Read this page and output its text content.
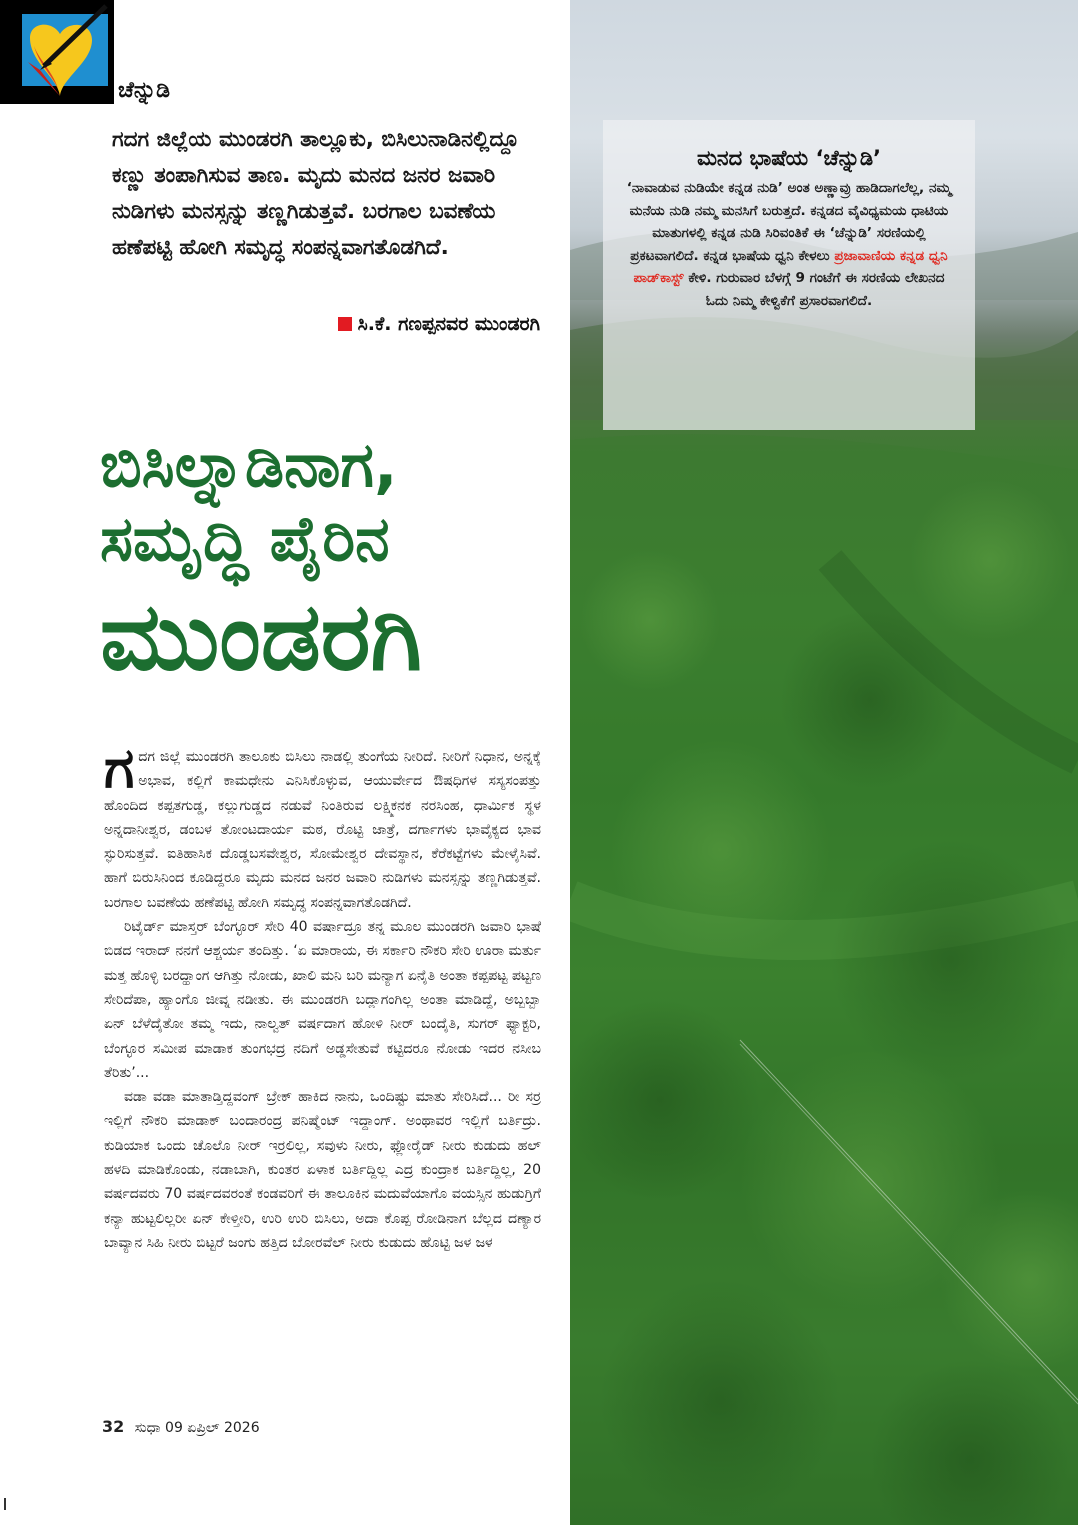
ಚೆನ್ನುಡಿ

ಗದಗ ಜಿಲ್ಲೆಯ ಮುಂಡರಗಿ ತಾಲ್ಲೂಕು, ಬಿಸಿಲುನಾಡಿನಲ್ಲಿದ್ದೂ ಕಣ್ಣು ತಂಪಾಗಿಸುವ ತಾಣ. ಮೃದು ಮನದ ಜನರ ಜವಾರಿ ನುಡಿಗಳು ಮನಸ್ಸನ್ನು ತಣ್ಣಗಿಡುತ್ತವೆ. ಬರಗಾಲ ಬವಣೆಯ ಹಣೆಪಟ್ಟಿ ಹೋಗಿ ಸಮೃದ್ಧ ಸಂಪನ್ನವಾಗತೊಡಗಿದೆ.

ಸಿ.ಕೆ. ಗಣಪ್ಪನವರ ಮುಂಡರಗಿ
ಬಿಸಿಲ್ನಾಡಿನಾಗ,
ಸಮೃದ್ಧಿ ಪೈರಿನ
ಮುಂಡರಗಿ

ಗದಗ ಜಿಲ್ಲೆ ಮುಂಡರಗಿ ತಾಲೂಕು ಬಿಸಿಲು ನಾಡಲ್ಲಿ ತುಂಗೆಯ ನೀರಿದೆ. ನೀರಿಗೆ ನಿಧಾನ, ಅನ್ನಕ್ಕೆ ಅಭಾವ, ಕಲ್ಲಿಗೆ ಕಾಮಧೇನು ಎನಿಸಿಕೊಳ್ಳುವ, ಆಯುರ್ವೇದ ಔಷಧಿಗಳ ಸಸ್ಯಸಂಪತ್ತು ಹೊಂದಿದ ಕಪ್ಪತಗುಡ್ಡ, ಕಲ್ಲುಗುಡ್ಡದ ನಡುವೆ ನಿಂತಿರುವ ಲಕ್ಷ್ಮಿಕನಕ ನರಸಿಂಹ, ಧಾರ್ಮಿಕ ಸ್ಥಳ ಅನ್ನದಾನೀಶ್ವರ, ಡಂಬಳ ತೋಂಟದಾರ್ಯ ಮಠ, ರೊಟ್ಟಿ ಜಾತ್ರೆ, ದರ್ಗಾಗಳು ಭಾವೈಕ್ಯದ ಭಾವ ಸ್ಫುರಿಸುತ್ತವೆ. ಐತಿಹಾಸಿಕ ದೊಡ್ಡಬಸವೇಶ್ವರ, ಸೋಮೇಶ್ವರ ದೇವಸ್ಥಾನ, ಕೆರೆಕಟ್ಟೆಗಳು ಮೇಳೈಸಿವೆ. ಹಾಗೆ ಬಿರುಸಿನಿಂದ ಕೂಡಿದ್ದರೂ ಮೃದು ಮನದ ಜನರ ಜವಾರಿ ನುಡಿಗಳು ಮನಸ್ಸನ್ನು ತಣ್ಣಗಿಡುತ್ತವೆ. ಬರಗಾಲ ಬವಣೆಯ ಹಣೆಪಟ್ಟಿ ಹೋಗಿ ಸಮೃದ್ಧ ಸಂಪನ್ನವಾಗತೊಡಗಿದೆ.

ರಿಟೈರ್ಡ್ ಮಾಸ್ತರ್ ಬೆಂಗ್ಳೂರ್ ಸೇರಿ 40 ವರ್ಷಾದ್ರೂ ತನ್ನ ಮೂಲ ಮುಂಡರಗಿ ಜವಾರಿ ಭಾಷೆ ಬಿಡದ ಇರಾದ್ ನನಗೆ ಆಶ್ಚರ್ಯ ತಂದಿತ್ತು. ‘ಏ ಮಾರಾಯ, ಈ ಸರ್ಕಾರಿ ನೌಕರಿ ಸೇರಿ ಊರಾ ಮರ್ತು ಮತ್ತ ಹೊಳ್ಳಿ ಬರದ್ಹಾಂಗ ಆಗಿತ್ತು ನೋಡು, ಖಾಲಿ ಮನಿ ಬರಿ ಮನ್ಯಾಗ ಏನೈತಿ ಅಂತಾ ಕಪ್ಪಪಟ್ಟ ಪಟ್ಟಣ ಸೇರಿದೆಪಾ, ಹ್ಯಾಂಗೊ ಜೀವ್ನ ನಡೀತು. ಈ ಮುಂಡರಗಿ ಬದ್ಲಾಗಂಗಿಲ್ಲ ಅಂತಾ ಮಾಡಿದ್ದೆ, ಅಬ್ಬಬ್ಬಾ ಏನ್ ಬೆಳೆದೈತೋ ತಮ್ಮ ಇದು, ನಾಲ್ವತ್ ವರ್ಷದಾಗ ಹೋಳಿ ನೀರ್ ಬಂದೈತಿ, ಸುಗರ್ ಫ್ಯಾಕ್ಟರಿ, ಬೆಂಗ್ಳೂರ ಸಮೀಪ ಮಾಡಾಕ ತುಂಗಭದ್ರ ನದಿಗೆ ಅಡ್ಡಸೇತುವೆ ಕಟ್ಟಿದರೂ ನೋಡು ಇದರ ನಸೀಬ ತೆರಿತು’...

ವಡಾ ವಡಾ ಮಾತಾಡ್ತಿದ್ದವಂಗ್ ಬ್ರೇಕ್ ಹಾಕಿದ ನಾನು, ಒಂದಿಷ್ಟು ಮಾತು ಸೇರಿಸಿದೆ... ರೀ ಸರ್ರ ಇಲ್ಲಿಗೆ ನೌಕರಿ ಮಾಡಾಕ್ ಬಂದಾರಂದ್ರ ಪನಿಷ್ಮೆಂಟ್ ಇದ್ದಾಂಗ್. ಅಂಥಾವರ ಇಲ್ಲಿಗೆ ಬರ್ತಿದ್ರು. ಕುಡಿಯಾಕ ಒಂದು ಚೊಲೊ ನೀರ್ ಇರ್ರಲಿಲ್ಲ, ಸವುಳು ನೀರು, ಫ್ಲೋರೈಡ್ ನೀರು ಕುಡುದು ಹಲ್ ಹಳದಿ ಮಾಡಿಕೊಂಡು, ನಡಾಬಾಗಿ, ಕುಂತರ ಏಳಾಕ ಬರ್ತಿದ್ದಿಲ್ಲ ಎದ್ರ ಕುಂದ್ರಾಕ ಬರ್ತಿದ್ದಿಲ್ಲ, 20 ವರ್ಷದವರು 70 ವರ್ಷದವರಂತೆ ಕಂಡವರಿಗೆ ಈ ತಾಲೂಕಿನ ಮದುವೆಯಾಗೊ ವಯಸ್ಸಿನ ಹುಡುಗ್ರಿಗೆ ಕನ್ಯಾ ಹುಟ್ಟಲಿಲ್ಲರೀ ಏನ್ ಕೇಳ್ತೀರಿ, ಉರಿ ಉರಿ ಬಿಸಿಲು, ಅದಾ ಕೊಪ್ಪ ರೋಡಿನಾಗ ಬೆಲ್ಲದ ದಣ್ಯಾರ ಬಾವ್ಯಾನ ಸಿಹಿ ನೀರು ಬಿಟ್ಟರೆ ಜಂಗು ಹತ್ತಿದ ಬೋರವೆಲ್ ನೀರು ಕುಡುದು ಹೊಟ್ಟಿ ಜಳ ಜಳ

32 ಸುಧಾ 09 ಏಪ್ರಿಲ್ 2026
ಮನದ ಭಾಷೆಯ ‘ಚೆನ್ನುಡಿ’

‘ನಾವಾಡುವ ನುಡಿಯೇ ಕನ್ನಡ ನುಡಿ’ ಅಂತ ಅಣ್ಣಾವ್ರು ಹಾಡಿದಾಗಲೆಲ್ಲ, ನಮ್ಮ ಮನೆಯ ನುಡಿ ನಮ್ಮ ಮನಸಿಗೆ ಬರುತ್ತದೆ. ಕನ್ನಡದ ವೈವಿಧ್ಯಮಯ ಧಾಟಿಯ ಮಾತುಗಳಲ್ಲಿ ಕನ್ನಡ ನುಡಿ ಸಿರಿವಂತಿಕೆ ಈ ‘ಚೆನ್ನುಡಿ’ ಸರಣಿಯಲ್ಲಿ ಪ್ರಕಟವಾಗಲಿದೆ. ಕನ್ನಡ ಭಾಷೆಯ ಧ್ವನಿ ಕೇಳಲು ಪ್ರಜಾವಾಣಿಯ ಕನ್ನಡ ಧ್ವನಿ ಪಾಡ್‌ಕಾಸ್ಟ್ ಕೇಳಿ. ಗುರುವಾರ ಬೆಳಗ್ಗೆ 9 ಗಂಟೆಗೆ ಈ ಸರಣಿಯ ಲೇಖನದ ಓದು ನಿಮ್ಮ ಕೇಳ್ವಿಕೆಗೆ ಪ್ರಸಾರವಾಗಲಿದೆ.
